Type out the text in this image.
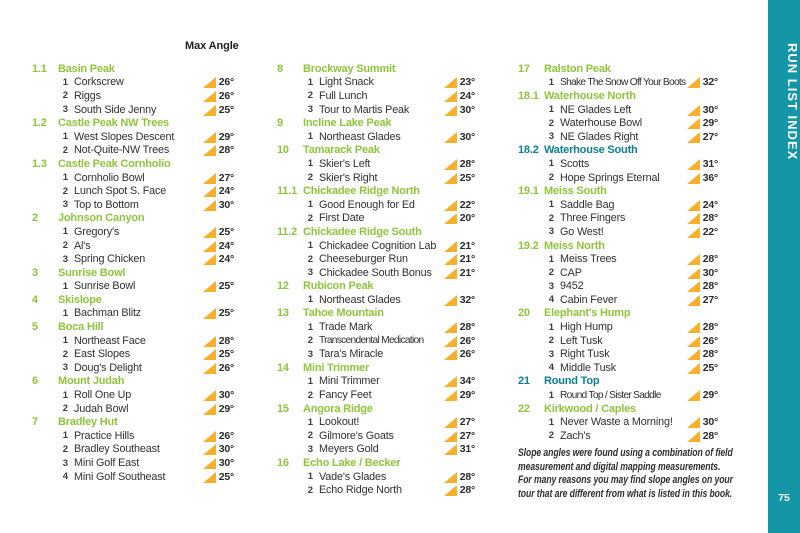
Max Angle
1.1	Basin Peak
1 Corkscrew	26°
2 Riggs	26°
3 South Side Jenny	25°
1.2	Castle Peak NW Trees
1 West Slopes Descent	29°
2 Not-Quite-NW Trees	28°
1.3	Castle Peak Cornholio
1 Cornholio Bowl	27°
2 Lunch Spot S. Face	24°
3 Top to Bottom	30°
2	Johnson Canyon
1 Gregory's	25°
2 Al's	24°
3 Spring Chicken	24°
3	Sunrise Bowl
1 Sunrise Bowl	25°
4	Skislope
1 Bachman Blitz	25°
5	Boca Hill
1 Northeast Face	28°
2 East Slopes	25°
3 Doug's Delight	26°
6	Mount Judah
1 Roll One Up	30°
2 Judah Bowl	29°
7	Bradley Hut
1 Practice Hills	26°
2 Bradley Southeast	30°
3 Mini Golf East	30°
4 Mini Golf Southeast	25°
8	Brockway Summit
1 Light Snack	23°
2 Full Lunch	24°
3 Tour to Martis Peak	30°
9	Incline Lake Peak
1 Northeast Glades	30°
10	Tamarack Peak
1 Skier's Left	28°
2 Skier's Right	25°
11.1 Chickadee Ridge North
1 Good Enough for Ed	22°
2 First Date	20°
11.2 Chickadee Ridge South
1 Chickadee Cognition Lab 21°
2 Cheeseburger Run	21°
3 Chickadee South Bonus	21°
12	Rubicon Peak
1 Northeast Glades	32°
13	Tahoe Mountain
1 Trade Mark	28°
2 Transcendental Medication	26°
3 Tara's Miracle	26°
14	Mini Trimmer
1 Mini Trimmer	34°
2 Fancy Feet	29°
15	Angora Ridge
1 Lookout!	27°
2 Gilmore's Goats	27°
3 Meyers Gold	31°
16	Echo Lake / Becker
1 Vade's Glades	28°
2 Echo Ridge North	28°
17	Ralston Peak
1 Shake The Snow Off Your Boots 32°
18.1 Waterhouse North
1 NE Glades Left	30°
2 Waterhouse Bowl	29°
3 NE Glades Right	27°
18.2 Waterhouse South
1 Scotts	31°
2 Hope Springs Eternal	36°
19.1 Meiss South
1 Saddle Bag	24°
2 Three Fingers	28°
3 Go West!	22°
19.2 Meiss North
1 Meiss Trees	28°
2 CAP	30°
3 9452	28°
4 Cabin Fever	27°
20	Elephant's Hump
1 High Hump	28°
2 Left Tusk	26°
3 Right Tusk	28°
4 Middle Tusk	25°
21	Round Top
1 Round Top / Sister Saddle	29°
22	Kirkwood / Caples
1 Never Waste a Morning!	30°
2 Zach's	28°
Slope angles were found using a combination of field
measurement and digital mapping measurements.
For many reasons you may find slope angles on your
tour that are different from what is listed in this book.
RUN LIST INDEX
75
